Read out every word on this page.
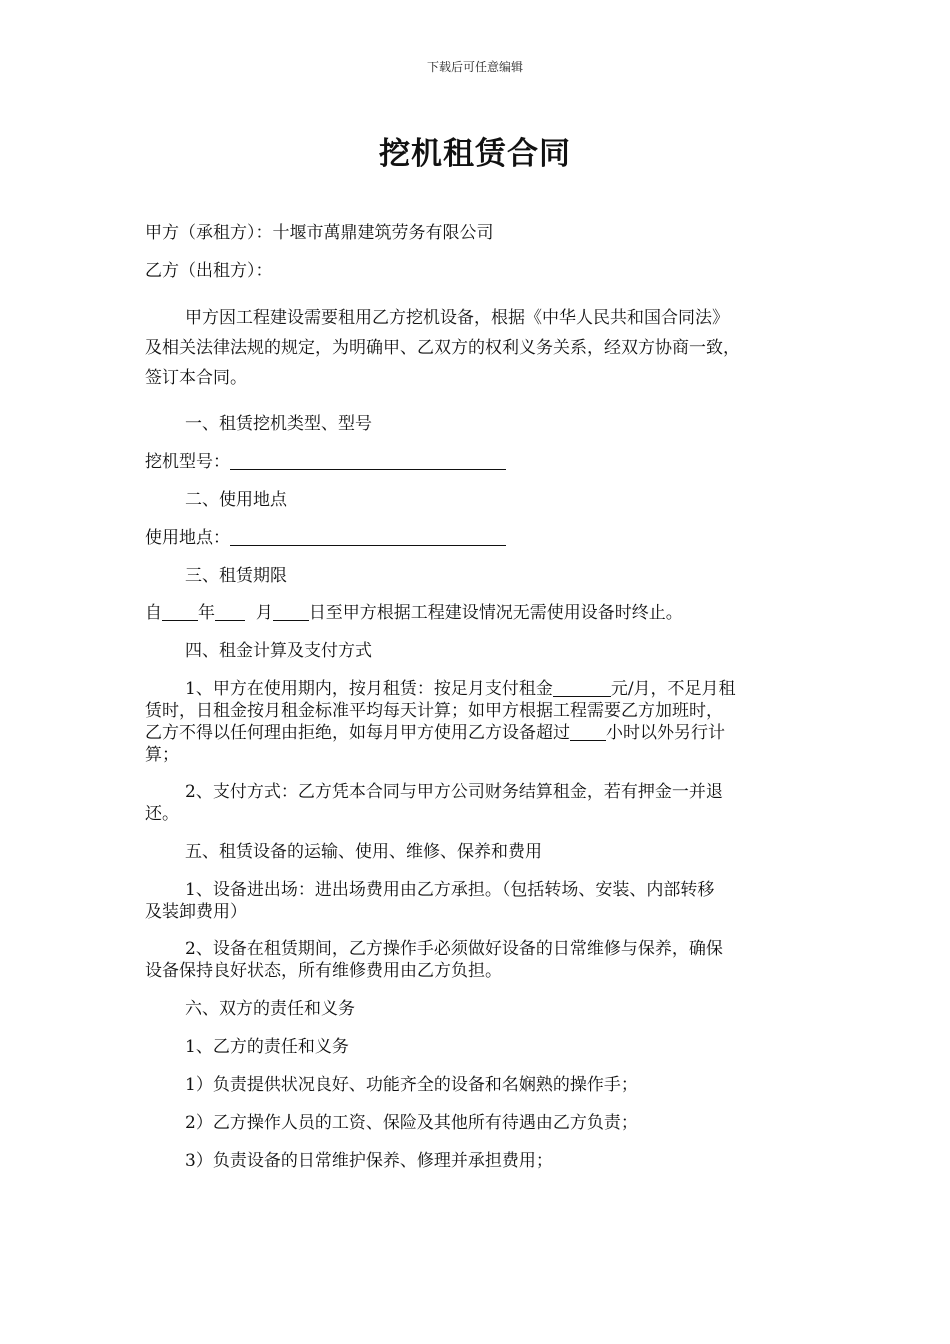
下载后可任意编辑
挖机租赁合同
甲方（承租方）：十堰市萬鼎建筑劳务有限公司
乙方（出租方）：
甲方因工程建设需要租用乙方挖机设备，根据《中华人民共和国合同法》
及相关法律法规的规定，为明确甲、乙双方的权利义务关系，经双方协商一致，
签订本合同。
一、租赁挖机类型、型号
挖机型号：
二、使用地点
使用地点：
三、租赁期限
自 年 月 日至甲方根据工程建设情况无需使用设备时终止。
四、租金计算及支付方式
1、甲方在使用期内，按月租赁：按足月支付租金	元/月，不足月租
赁时，日租金按月租金标准平均每天计算；如甲方根据工程需要乙方加班时，
乙方不得以任何理由拒绝，如每月甲方使用乙方设备超过 小时以外另行计
算；
2、支付方式：乙方凭本合同与甲方公司财务结算租金，若有押金一并退
还。
五、租赁设备的运输、使用、维修、保养和费用
1、设备进出场：进出场费用由乙方承担。（包括转场、安装、内部转移
及装卸费用）
2、设备在租赁期间，乙方操作手必须做好设备的日常维修与保养，确保
设备保持良好状态，所有维修费用由乙方负担。
六、双方的责任和义务
1、乙方的责任和义务
1）负责提供状况良好、功能齐全的设备和名娴熟的操作手；
2）乙方操作人员的工资、保险及其他所有待遇由乙方负责；
3）负责设备的日常维护保养、修理并承担费用；
